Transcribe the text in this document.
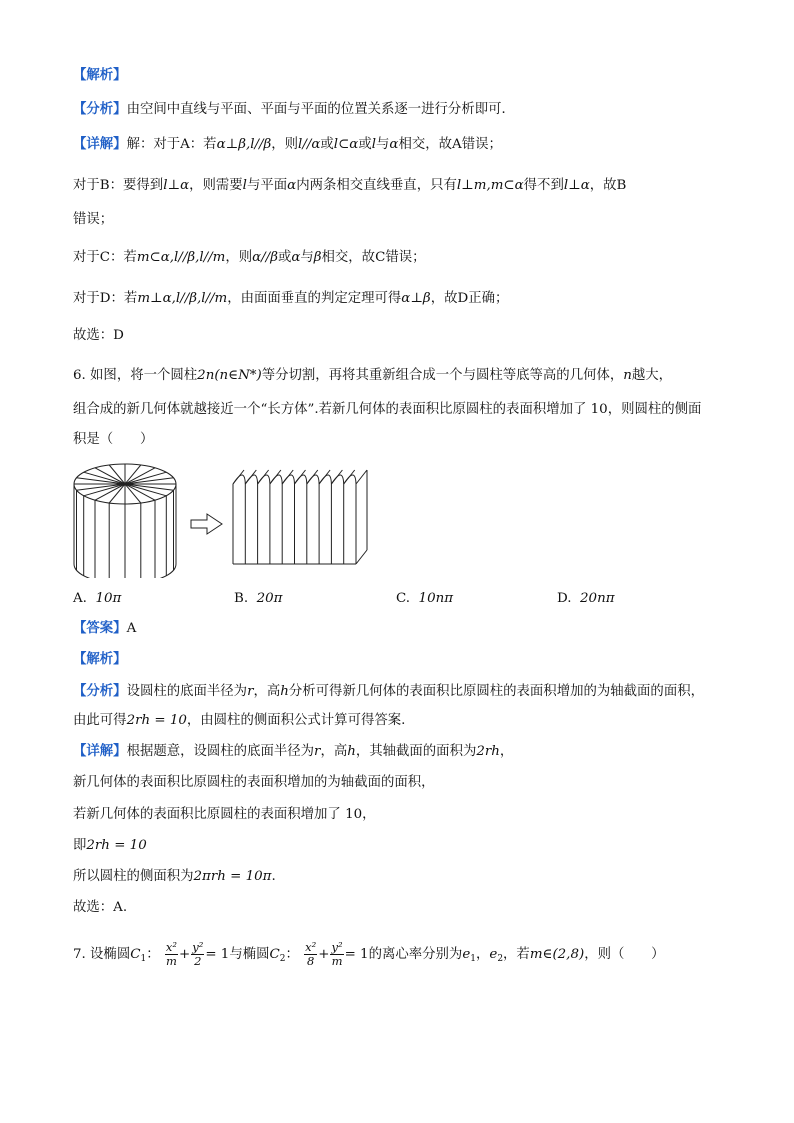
【解析】
【分析】由空间中直线与平面、平面与平面的位置关系逐一进行分析即可．
【详解】解：对于A：若α⊥β,l//β，则l//α或l⊂α或l与α相交，故A错误；
对于B：要得到l⊥α，则需要l与平面α内两条相交直线垂直，只有l⊥m,m⊂α得不到l⊥α，故B
错误；
对于C：若m⊂α,l//β,l//m，则α//β或α与β相交，故C错误；
对于D：若m⊥α,l//β,l//m，由面面垂直的判定定理可得α⊥β，故D正确；
故选：D
6. 如图，将一个圆柱2n(n∈N*)等分切割，再将其重新组合成一个与圆柱等底等高的几何体，n越大，
组合成的新几何体就越接近一个“长方体”.若新几何体的表面积比原圆柱的表面积增加了 10，则圆柱的侧面
积是（　　）
A. 10π	B. 20π	C. 10nπ	D. 20nπ
【答案】A
【解析】
【分析】设圆柱的底面半径为r，高h分析可得新几何体的表面积比原圆柱的表面积增加的为轴截面的面积，
由此可得2rh = 10，由圆柱的侧面积公式计算可得答案.
【详解】根据题意，设圆柱的底面半径为r，高h，其轴截面的面积为2rh，
新几何体的表面积比原圆柱的表面积增加的为轴截面的面积，
若新几何体的表面积比原圆柱的表面积增加了 10，
即2rh = 10
所以圆柱的侧面积为2πrh = 10π.
故选：A.
7. 设椭圆$C_1$： $\frac{\text{x²}}{m} + \frac{\text{y²}}{2} = 1$与椭圆$C_2$： $\frac{\text{x²}}{8} + \frac{\text{y²}}{m} = 1$的离心率分别为$e_1$，$e_2$，若m∈(2,8)，则（　　）
